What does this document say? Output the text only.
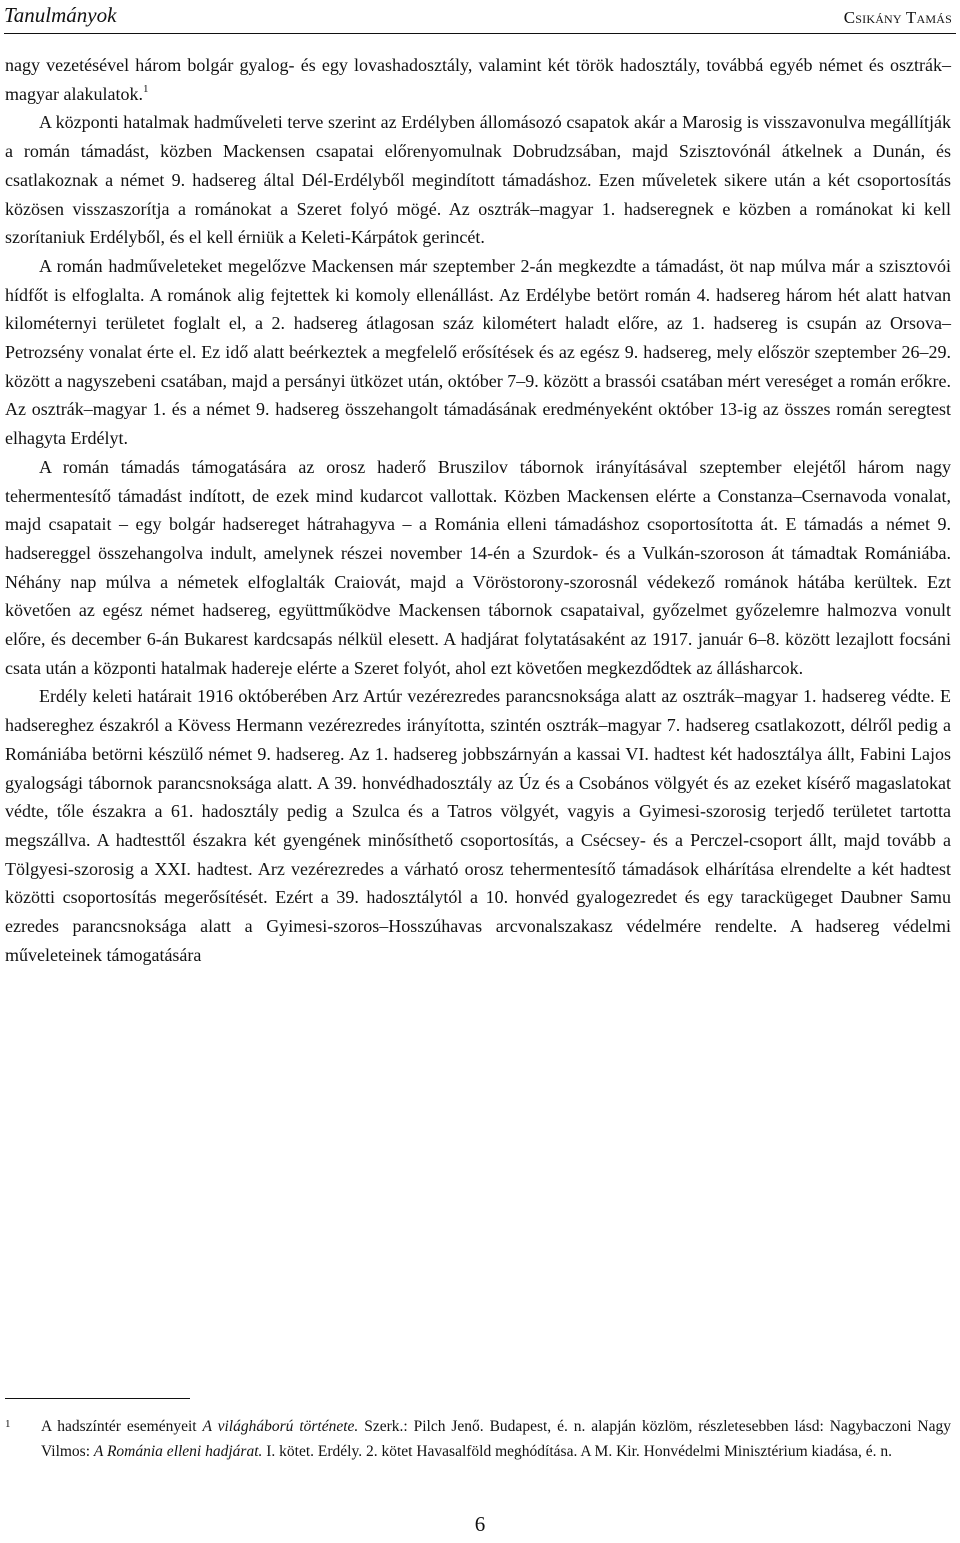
Tanulmányok	Csikány Tamás

nagy vezetésével három bolgár gyalog- és egy lovashadosztály, valamint két török hadosztály, továbbá egyéb német és osztrák–magyar alakulatok.$^1$

A központi hatalmak hadműveleti terve szerint az Erdélyben állomásozó csapatok akár a Marosig is visszavonulva megállítják a román támadást, közben Mackensen csapatai előrenyomulnak Dobrudzsában, majd Szisztovónál átkelnek a Dunán, és csatlakoznak a német 9. hadsereg által Dél-Erdélyből megindított támadáshoz. Ezen műveletek sikere után a két csoportosítás közösen visszaszorítja a románokat a Szeret folyó mögé. Az osztrák–magyar 1. hadseregnek e közben a románokat ki kell szorítaniuk Erdélyből, és el kell érniük a Keleti-Kárpátok gerincét.

A román hadműveleteket megelőzve Mackensen már szeptember 2-án megkezdte a támadást, öt nap múlva már a szisztovói hídfőt is elfoglalta. A románok alig fejtettek ki komoly ellenállást. Az Erdélybe betört román 4. hadsereg három hét alatt hatvan kilométernyi területet foglalt el, a 2. hadsereg átlagosan száz kilométert haladt előre, az 1. hadsereg is csupán az Orsova–Petrozsény vonalat érte el. Ez idő alatt beérkeztek a megfelelő erősítések és az egész 9. hadsereg, mely először szeptember 26–29. között a nagyszebeni csatában, majd a persányi ütközet után, október 7–9. között a brassói csatában mért vereséget a román erőkre. Az osztrák–magyar 1. és a német 9. hadsereg összehangolt támadásának eredményeként október 13-ig az összes román seregtest elhagyta Erdélyt.

A román támadás támogatására az orosz haderő Bruszilov tábornok irányításával szeptember elejétől három nagy tehermentesítő támadást indított, de ezek mind kudarcot vallottak. Közben Mackensen elérte a Constanza–Csernavoda vonalat, majd csapatait – egy bolgár hadsereget hátrahagyva – a Románia elleni támadáshoz csoportosította át. E támadás a német 9. hadsereggel összehangolva indult, amelynek részei november 14-én a Szurdok- és a Vulkán-szoroson át támadtak Romániába. Néhány nap múlva a németek elfoglalták Craiovát, majd a Vöröstorony-szorosnál védekező románok hátába kerültek. Ezt követően az egész német hadsereg, együttműködve Mackensen tábornok csapataival, győzelmet győzelemre halmozva vonult előre, és december 6-án Bukarest kardcsapás nélkül elesett. A hadjárat folytatásaként az 1917. január 6–8. között lezajlott focsáni csata után a központi hatalmak hadereje elérte a Szeret folyót, ahol ezt követően megkezdődtek az állásharcok.

Erdély keleti határait 1916 októberében Arz Artúr vezérezredes parancsnoksága alatt az osztrák–magyar 1. hadsereg védte. E hadsereghez északról a Kövess Hermann vezérezredes irányította, szintén osztrák–magyar 7. hadsereg csatlakozott, délről pedig a Romániába betörni készülő német 9. hadsereg. Az 1. hadsereg jobbszárnyán a kassai VI. hadtest két hadosztálya állt, Fabini Lajos gyalogsági tábornok parancsnoksága alatt. A 39. honvédhadosztály az Úz és a Csobános völgyét és az ezeket kísérő magaslatokat védte, tőle északra a 61. hadosztály pedig a Szulca és a Tatros völgyét, vagyis a Gyimesi-szorosig terjedő területet tartotta megszállva. A hadtesttől északra két gyengének minősíthető csoportosítás, a Csécsey- és a Perczel-csoport állt, majd tovább a Tölgyesi-szorosig a XXI. hadtest. Arz vezérezredes a várható orosz tehermentesítő támadások elhárítása elrendelte a két hadtest közötti csoportosítás megerősítését. Ezért a 39. hadosztálytól a 10. honvéd gyalogezredet és egy tarackügeget Daubner Samu ezredes parancsnoksága alatt a Gyimesi-szoros–Hosszúhavas arcvonalszakasz védelmére rendelte. A hadsereg védelmi műveleteinek támogatására

1	A hadszíntér eseményeit A világháború története. Szerk.: Pilch Jenő. Budapest, é. n. alapján közlöm, részletesebben lásd: Nagybaczoni Nagy Vilmos: A Románia elleni hadjárat. I. kötet. Erdély. 2. kötet Havasalföld meghódítása. A M. Kir. Honvédelmi Minisztérium kiadása, é. n.
6
